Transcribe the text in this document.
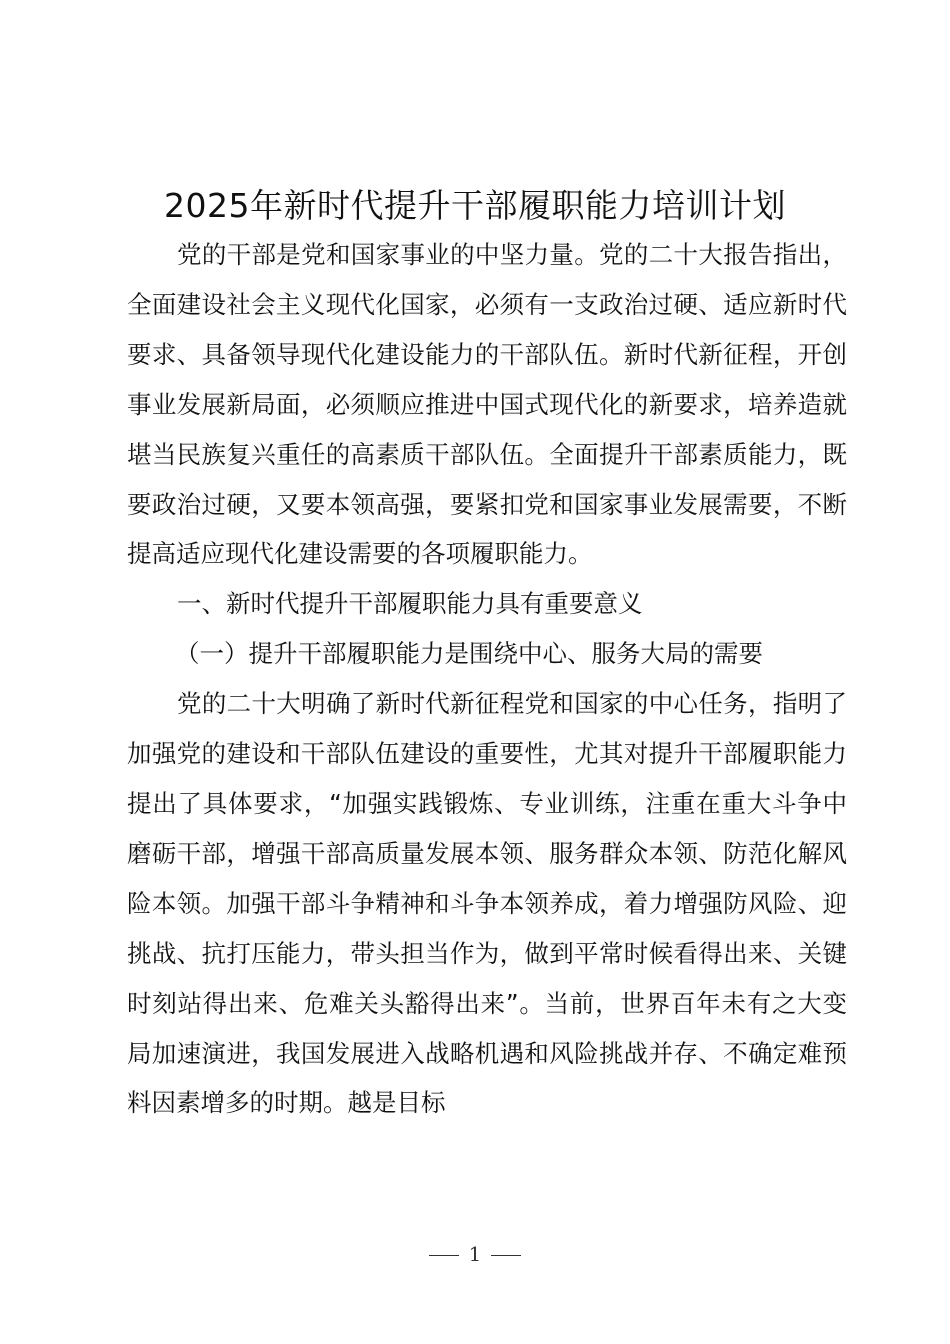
2025年新时代提升干部履职能力培训计划

党的干部是党和国家事业的中坚力量。党的二十大报告指出，全面建设社会主义现代化国家，必须有一支政治过硬、适应新时代要求、具备领导现代化建设能力的干部队伍。新时代新征程，开创事业发展新局面，必须顺应推进中国式现代化的新要求，培养造就堪当民族复兴重任的高素质干部队伍。全面提升干部素质能力，既要政治过硬，又要本领高强，要紧扣党和国家事业发展需要，不断提高适应现代化建设需要的各项履职能力。

一、新时代提升干部履职能力具有重要意义

（一）提升干部履职能力是围绕中心、服务大局的需要

党的二十大明确了新时代新征程党和国家的中心任务，指明了加强党的建设和干部队伍建设的重要性，尤其对提升干部履职能力提出了具体要求，“加强实践锻炼、专业训练，注重在重大斗争中磨砺干部，增强干部高质量发展本领、服务群众本领、防范化解风险本领。加强干部斗争精神和斗争本领养成，着力增强防风险、迎挑战、抗打压能力，带头担当作为，做到平常时候看得出来、关键时刻站得出来、危难关头豁得出来”。当前，世界百年未有之大变局加速演进，我国发展进入战略机遇和风险挑战并存、不确定难预料因素增多的时期。越是目标

1
